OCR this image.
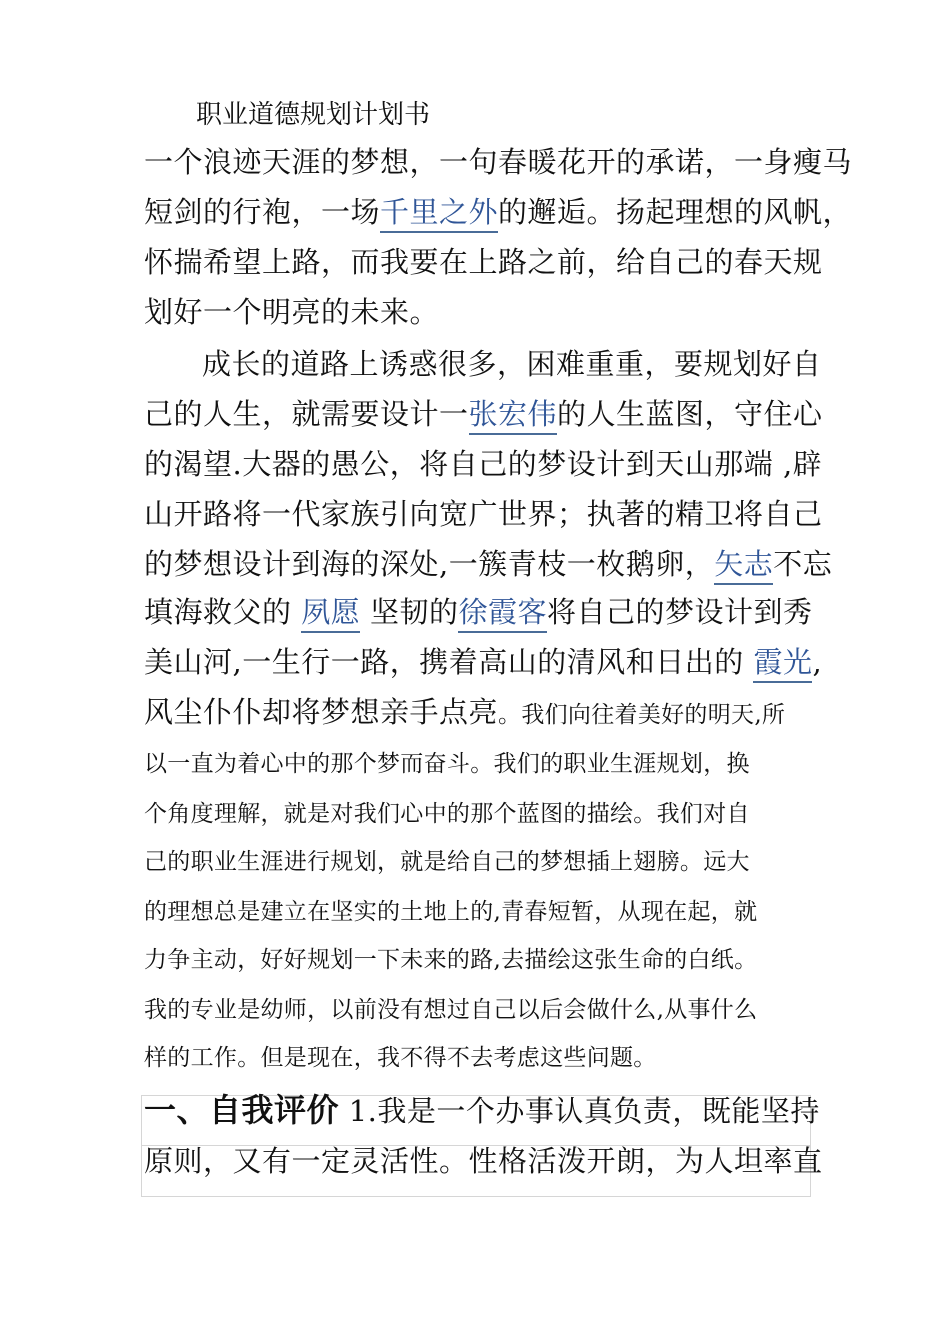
职业道德规划计划书
一个浪迹天涯的梦想，一句春暖花开的承诺，一身瘦马
短剑的行袍，一场千里之外的邂逅。扬起理想的风帆，
怀揣希望上路，而我要在上路之前，给自己的春天规
划好一个明亮的未来。
成长的道路上诱惑很多，困难重重，要规划好自
己的人生，就需要设计一张宏伟的人生蓝图，守住心
的渴望.大器的愚公，将自己的梦设计到天山那端 ,辟
山开路将一代家族引向宽广世界；执著的精卫将自己
的梦想设计到海的深处,一簇青枝一枚鹅卵，矢志不忘
填海救父的 夙愿 坚韧的徐霞客将自己的梦设计到秀
美山河,一生行一路，携着高山的清风和日出的 霞光,
风尘仆仆却将梦想亲手点亮。我们向往着美好的明天,所
以一直为着心中的那个梦而奋斗。我们的职业生涯规划，换
个角度理解，就是对我们心中的那个蓝图的描绘。我们对自
己的职业生涯进行规划，就是给自己的梦想插上翅膀。远大
的理想总是建立在坚实的土地上的,青春短暂，从现在起，就
力争主动，好好规划一下未来的路,去描绘这张生命的白纸。
我的专业是幼师，以前没有想过自己以后会做什么,从事什么
样的工作。但是现在，我不得不去考虑这些问题。
一、自我评价 1.我是一个办事认真负责，既能坚持
原则，又有一定灵活性。性格活泼开朗，为人坦率直
